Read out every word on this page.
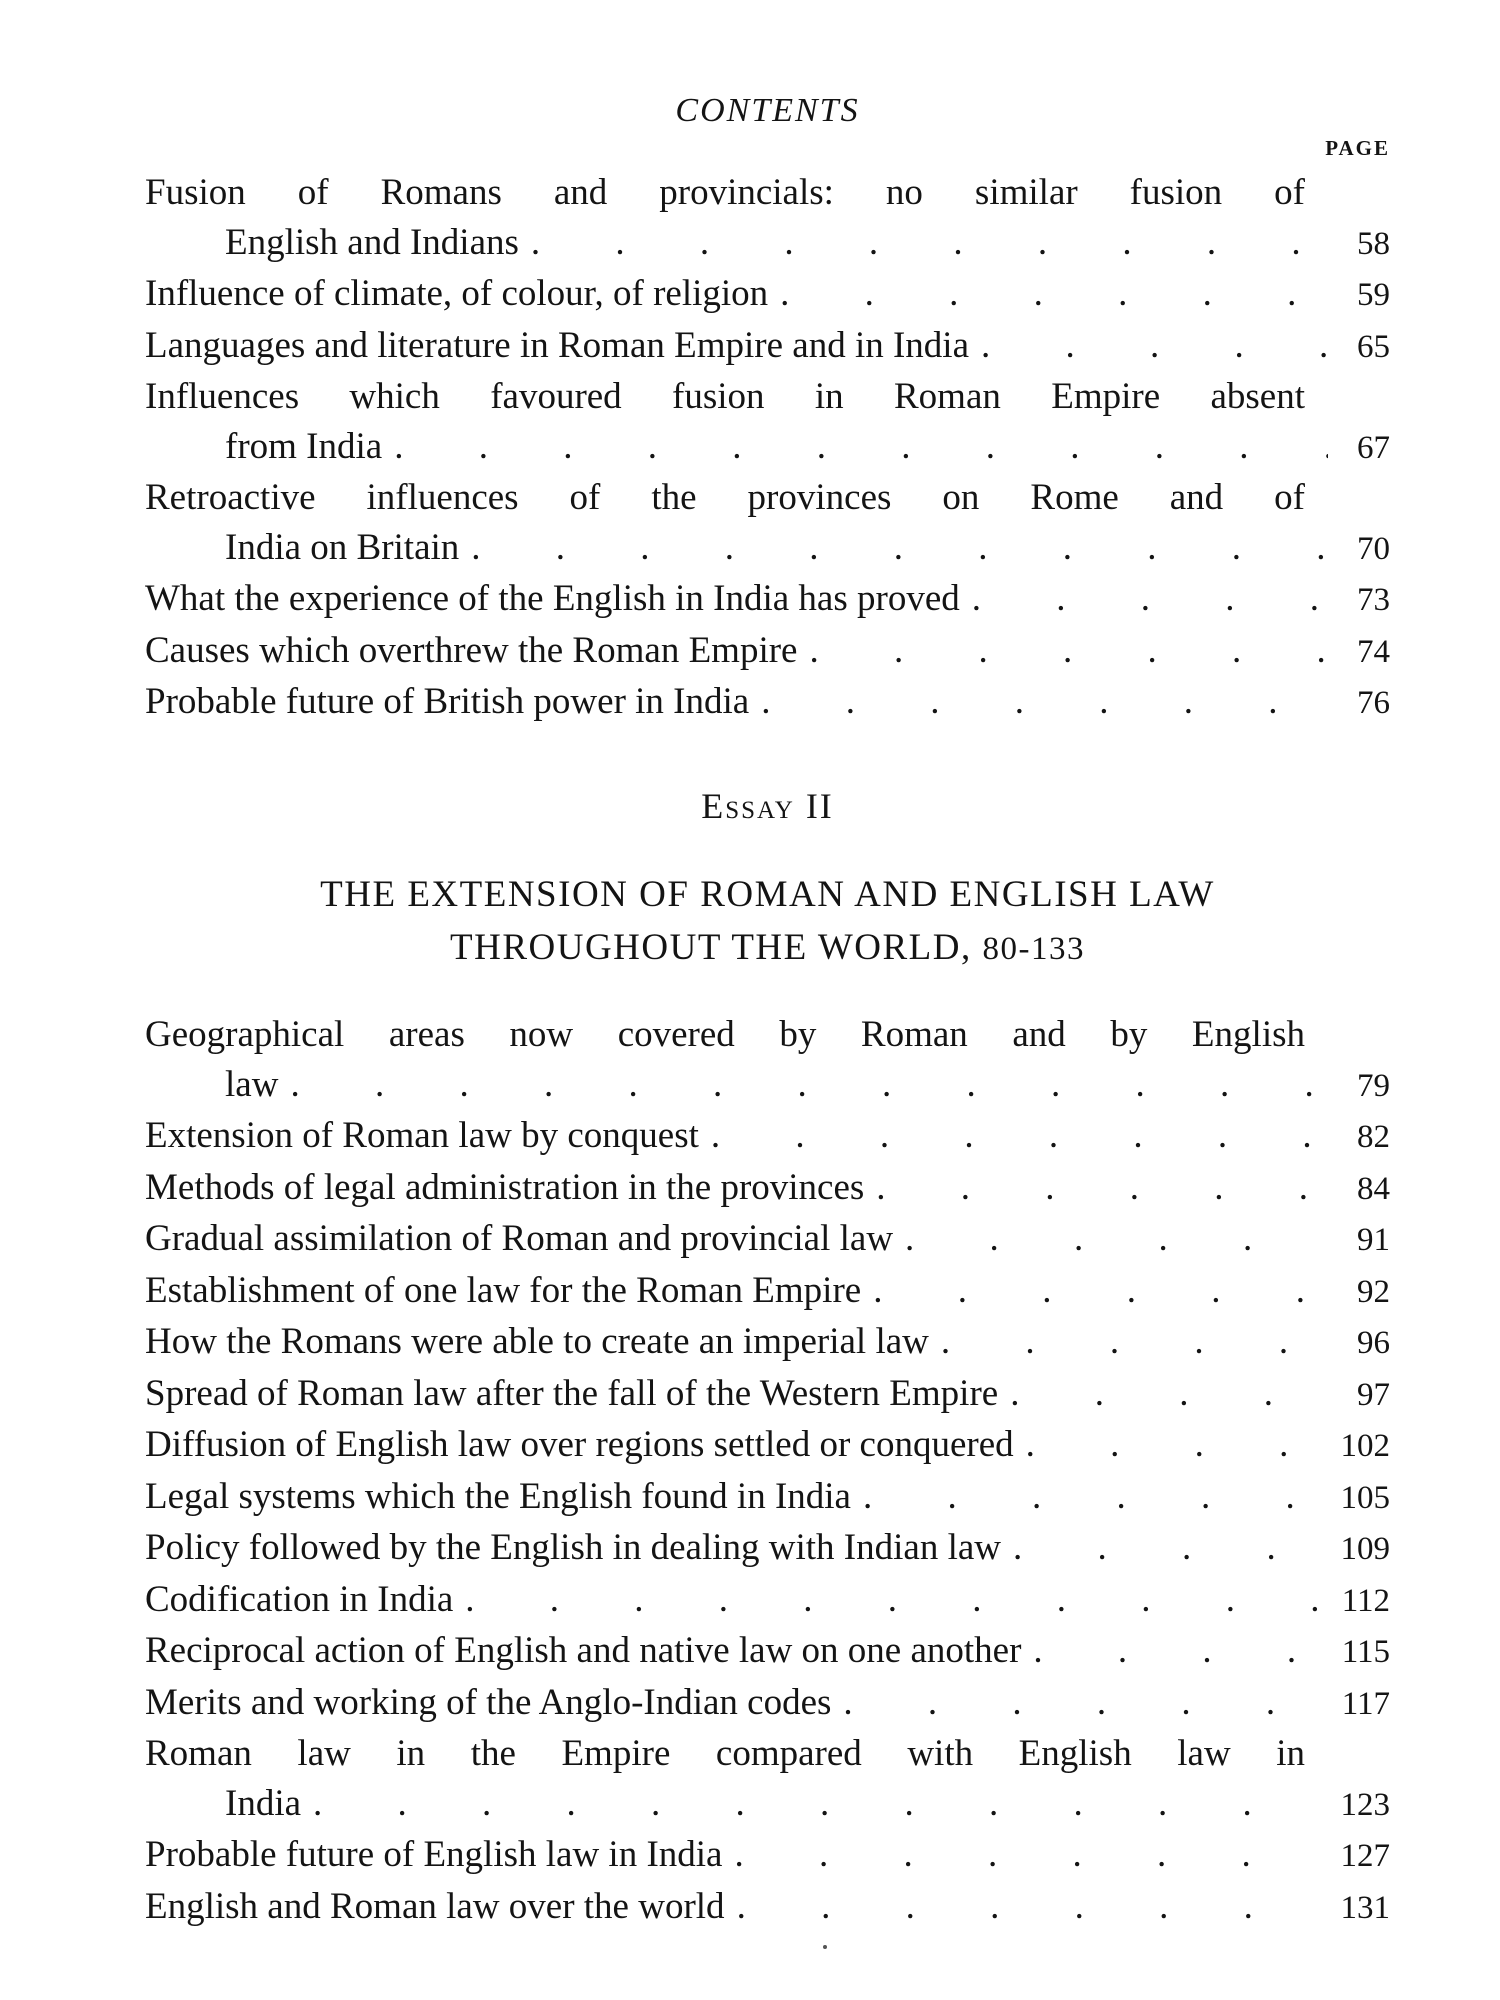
CONTENTS
PAGE
Fusion of Romans and provincials: no similar fusion of
English and Indians . . .	58
Influence of climate, of colour, of religion . . .	59
Languages and literature in Roman Empire and in India . . .	65
Influences which favoured fusion in Roman Empire absent
from India . . .	67
Retroactive influences of the provinces on Rome and of
India on Britain . . .	70
What the experience of the English in India has proved . . .	73
Causes which overthrew the Roman Empire . . .	74
Probable future of British power in India . . .	76
Essay II
THE EXTENSION OF ROMAN AND ENGLISH LAW
THROUGHOUT THE WORLD, 80-133
Geographical areas now covered by Roman and by English
law . . .	79
Extension of Roman law by conquest . . .	82
Methods of legal administration in the provinces . . .	84
Gradual assimilation of Roman and provincial law . . .	91
Establishment of one law for the Roman Empire . . .	92
How the Romans were able to create an imperial law . . .	96
Spread of Roman law after the fall of the Western Empire . . .	97
Diffusion of English law over regions settled or conquered . . .	102
Legal systems which the English found in India . . .	105
Policy followed by the English in dealing with Indian law . . .	109
Codification in India . . .	112
Reciprocal action of English and native law on one another . . .	115
Merits and working of the Anglo-Indian codes . . .	117
Roman law in the Empire compared with English law in
India . . .	123
Probable future of English law in India . . .	127
English and Roman law over the world . . .	131
